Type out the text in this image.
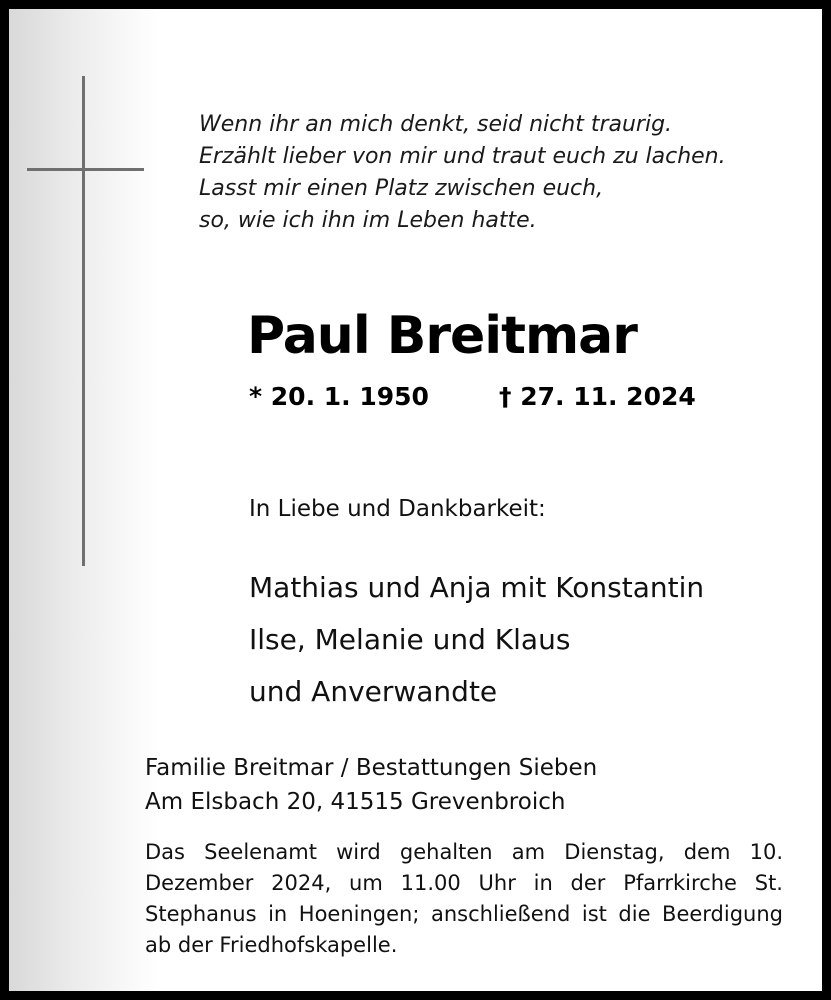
Wenn ihr an mich denkt, seid nicht traurig.
Erzählt lieber von mir und traut euch zu lachen.
Lasst mir einen Platz zwischen euch,
so, wie ich ihn im Leben hatte.
Paul Breitmar
* 20. 1. 1950	† 27. 11. 2024
In Liebe und Dankbarkeit:
Mathias und Anja mit Konstantin
Ilse, Melanie und Klaus
und Anverwandte
Familie Breitmar / Bestattungen Sieben
Am Elsbach 20, 41515 Grevenbroich
Das Seelenamt wird gehalten am Dienstag, dem 10. Dezember 2024, um 11.00 Uhr in der Pfarrkirche St. Stephanus in Hoeningen; anschließend ist die Beerdigung ab der Friedhofskapelle.
